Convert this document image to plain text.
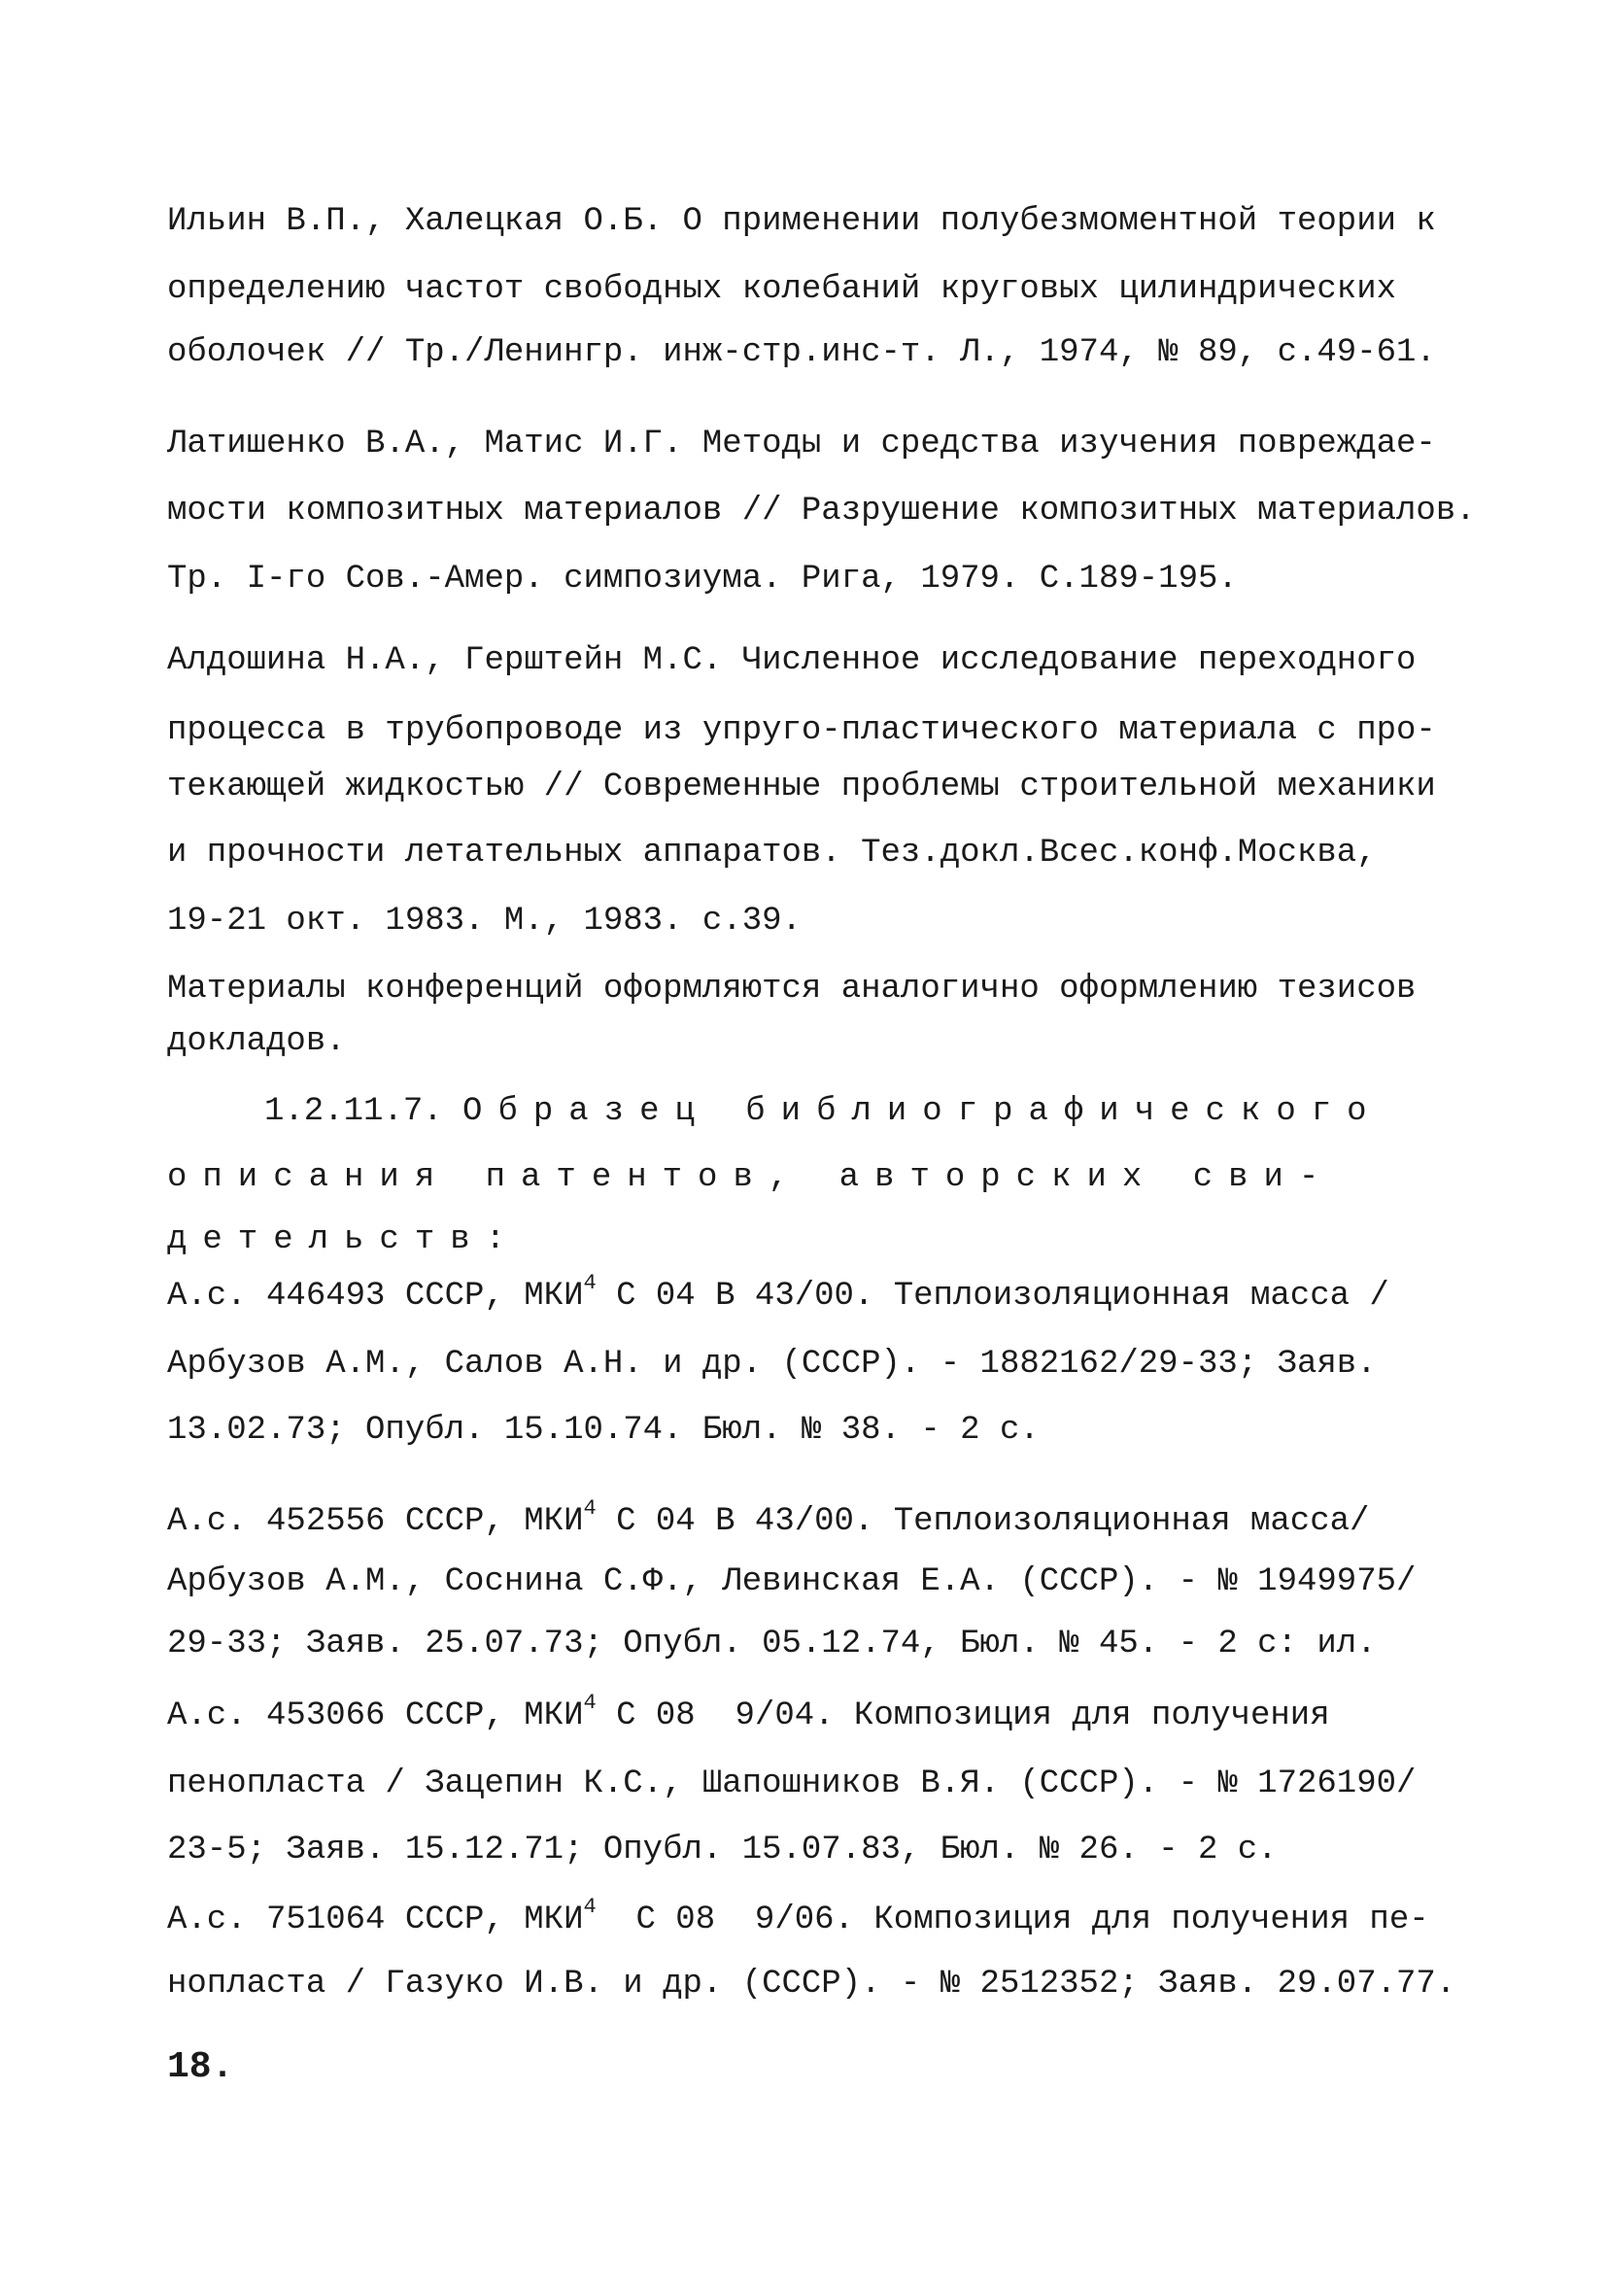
Ильин В.П., Халецкая О.Б. О применении полубезмоментной теории к
определению частот свободных колебаний круговых цилиндрических
оболочек // Тр./Ленингр. инж-стр.инс-т. Л., 1974, № 89, с.49-61.
Латишенко В.А., Матис И.Г. Методы и средства изучения повреждае-
мости композитных материалов // Разрушение композитных материалов.
Тр. I-го Сов.-Амер. симпозиума. Рига, 1979. С.189-195.
Алдошина Н.А., Герштейн М.С. Численное исследование переходного
процесса в трубопроводе из упруго-пластического материала с про-
текающей жидкостью // Современные проблемы строительной механики
и прочности летательных аппаратов. Тез.докл.Всес.конф.Москва,
19-21 окт. 1983. М., 1983. с.39.
Материалы конференций оформляются аналогично оформлению тезисов
докладов.
1.2.11.7. Образец библиографического
описания патентов, авторских сви-
детельств:
А.с. 446493 СССР, МКИ$^4$ С 04 В 43/00. Теплоизоляционная масса /
Арбузов А.М., Салов А.Н. и др. (СССР). - 1882162/29-33; Заяв.
13.02.73; Опубл. 15.10.74. Бюл. № 38. - 2 с.
А.с. 452556 СССР, МКИ$^4$ С 04 В 43/00. Теплоизоляционная масса/
Арбузов А.М., Соснина С.Ф., Левинская Е.А. (СССР). - № 1949975/
29-33; Заяв. 25.07.73; Опубл. 05.12.74, Бюл. № 45. - 2 с: ил.
А.с. 453066 СССР, МКИ$^4$ С 08  9/04. Композиция для получения
пенопласта / Зацепин К.С., Шапошников В.Я. (СССР). - № 1726190/
23-5; Заяв. 15.12.71; Опубл. 15.07.83, Бюл. № 26. - 2 с.
А.с. 751064 СССР, МКИ$^4$  С 08  9/06. Композиция для получения пе-
нопласта / Газуко И.В. и др. (СССР). - № 2512352; Заяв. 29.07.77.
18.
